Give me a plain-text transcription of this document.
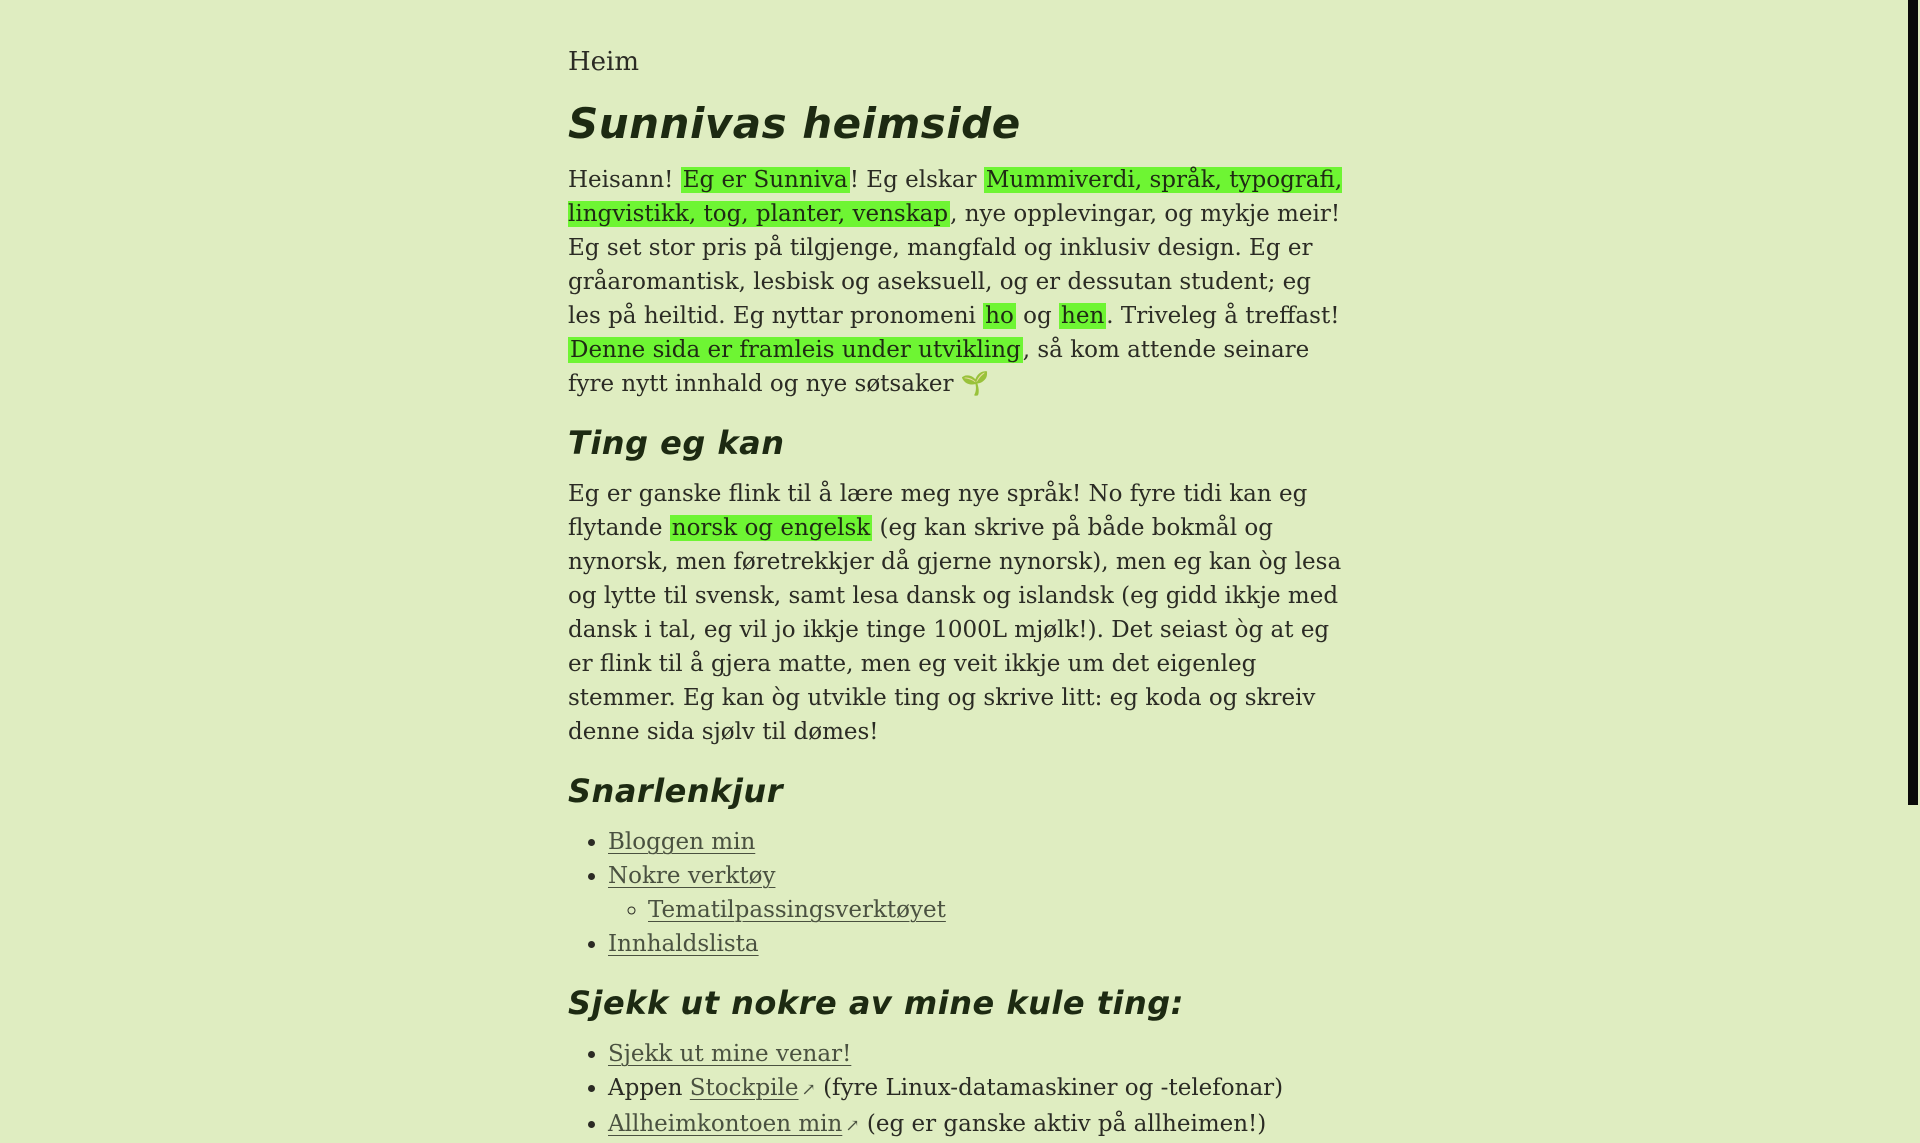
Heim
Sunnivas heimside

Heisann! Eg er Sunniva! Eg elskar Mummiverdi, språk, typografi, lingvistikk, tog, planter, venskap, nye opplevingar, og mykje meir! Eg set stor pris på tilgjenge, mangfald og inklusiv design. Eg er gråaromantisk, lesbisk og aseksuell, og er dessutan student; eg les på heiltid. Eg nyttar pronomeni ho og hen. Triveleg å treffast! Denne sida er framleis under utvikling, så kom attende seinare fyre nytt innhald og nye søtsaker 🌱

Ting eg kan

Eg er ganske flink til å lære meg nye språk! No fyre tidi kan eg flytande norsk og engelsk (eg kan skrive på både bokmål og nynorsk, men føretrekkjer då gjerne nynorsk), men eg kan òg lesa og lytte til svensk, samt lesa dansk og islandsk (eg gidd ikkje med dansk i tal, eg vil jo ikkje tinge 1000L mjølk!). Det seiast òg at eg er flink til å gjera matte, men eg veit ikkje um det eigenleg stemmer. Eg kan òg utvikle ting og skrive litt: eg koda og skreiv denne sida sjølv til dømes!

Snarlenkjur
• Bloggen min
• Nokre verktøy
◦ Tematilpassingsverktøyet
• Innhaldslista
Sjekk ut nokre av mine kule ting:
• Sjekk ut mine venar!
• Appen Stockpile ↗ (fyre Linux-datamaskiner og -telefonar)
• Allheimkontoen min ↗ (eg er ganske aktiv på allheimen!)
